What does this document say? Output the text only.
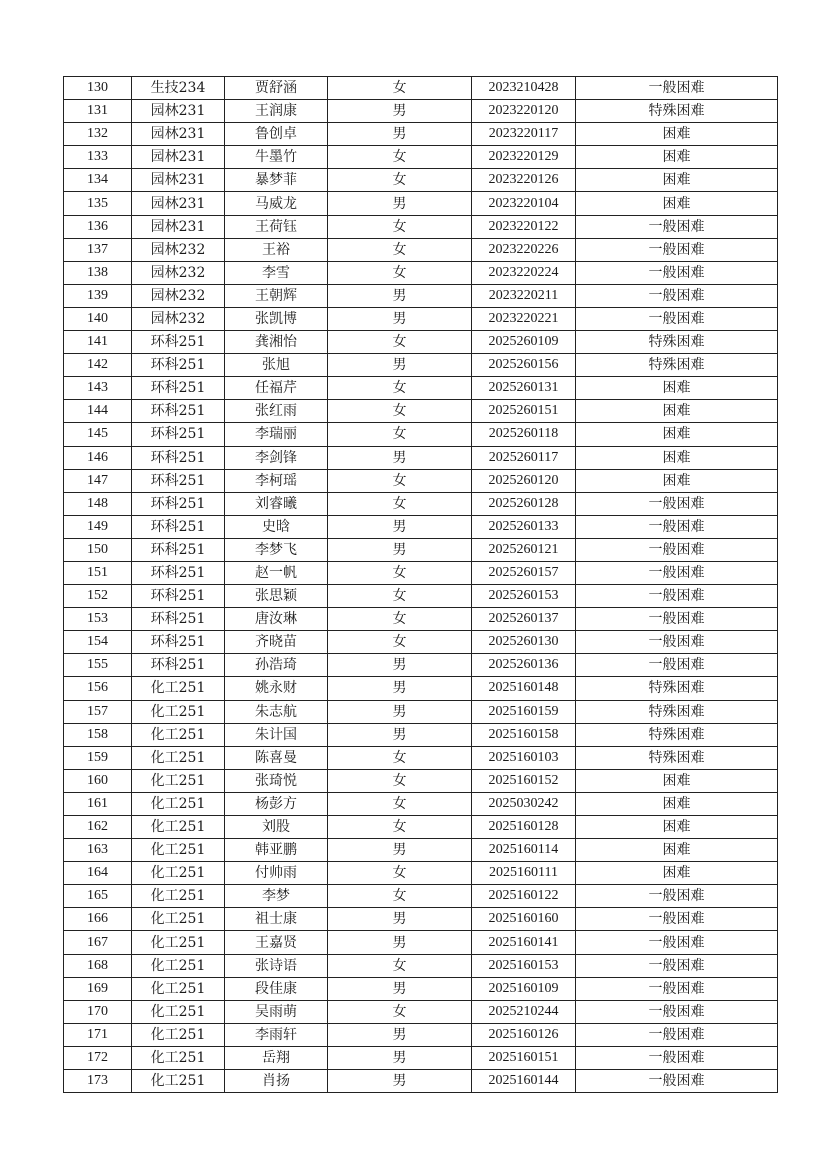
130	生技234	贾舒涵	女	2023210428	一般困难
131	园林231	王润康	男	2023220120	特殊困难
132	园林231	鲁创卓	男	2023220117	困难
133	园林231	牛墨竹	女	2023220129	困难
134	园林231	暴梦菲	女	2023220126	困难
135	园林231	马威龙	男	2023220104	困难
136	园林231	王荷钰	女	2023220122	一般困难
137	园林232	王裕	女	2023220226	一般困难
138	园林232	李雪	女	2023220224	一般困难
139	园林232	王朝辉	男	2023220211	一般困难
140	园林232	张凯博	男	2023220221	一般困难
141	环科251	龚湘怡	女	2025260109	特殊困难
142	环科251	张旭	男	2025260156	特殊困难
143	环科251	任福芹	女	2025260131	困难
144	环科251	张红雨	女	2025260151	困难
145	环科251	李瑞丽	女	2025260118	困难
146	环科251	李剑锋	男	2025260117	困难
147	环科251	李柯瑶	女	2025260120	困难
148	环科251	刘睿曦	女	2025260128	一般困难
149	环科251	史晗	男	2025260133	一般困难
150	环科251	李梦飞	男	2025260121	一般困难
151	环科251	赵一帆	女	2025260157	一般困难
152	环科251	张思颖	女	2025260153	一般困难
153	环科251	唐汝琳	女	2025260137	一般困难
154	环科251	齐晓苗	女	2025260130	一般困难
155	环科251	孙浩琦	男	2025260136	一般困难
156	化工251	姚永财	男	2025160148	特殊困难
157	化工251	朱志航	男	2025160159	特殊困难
158	化工251	朱计国	男	2025160158	特殊困难
159	化工251	陈喜曼	女	2025160103	特殊困难
160	化工251	张琦悦	女	2025160152	困难
161	化工251	杨彭方	女	2025030242	困难
162	化工251	刘股	女	2025160128	困难
163	化工251	韩亚鹏	男	2025160114	困难
164	化工251	付帅雨	女	2025160111	困难
165	化工251	李梦	女	2025160122	一般困难
166	化工251	祖士康	男	2025160160	一般困难
167	化工251	王嘉贤	男	2025160141	一般困难
168	化工251	张诗语	女	2025160153	一般困难
169	化工251	段佳康	男	2025160109	一般困难
170	化工251	吴雨萌	女	2025210244	一般困难
171	化工251	李雨轩	男	2025160126	一般困难
172	化工251	岳翔	男	2025160151	一般困难
173	化工251	肖扬	男	2025160144	一般困难
